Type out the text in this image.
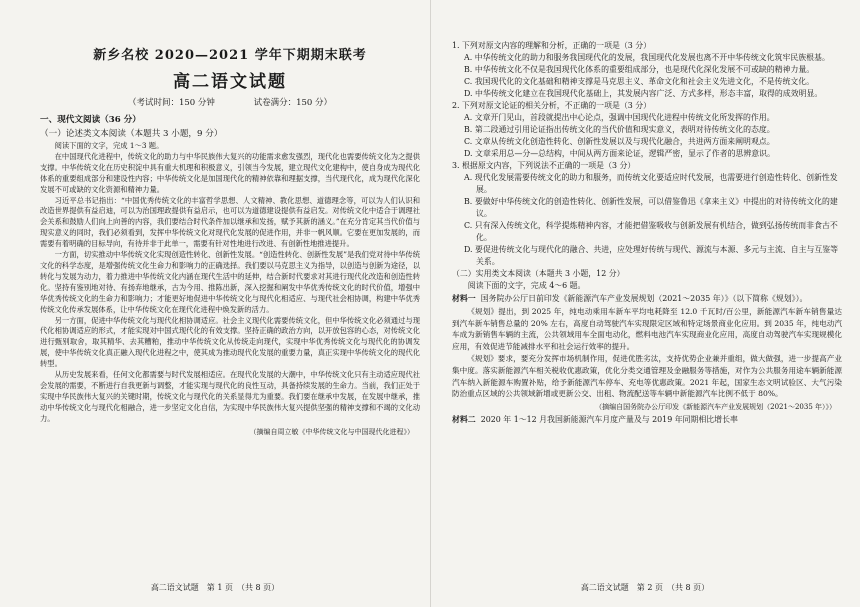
新乡名校 2020—2021 学年下期期末联考
高二语文试题
（考试时间：150 分钟	试卷满分：150 分）
一、现代文阅读（36 分）
（一）论述类文本阅读（本题共 3 小题，9 分）

阅读下面的文字，完成 1～3 题。

在中国现代化进程中，传统文化的助力与中华民族伟大复兴的功能需求愈发强烈，现代化也需要传统文化为之提供支撑。中华传统文化在历史积淀中具有重大机理和积极意义，引领当今发展，建立现代文化建构中，使自身成为现代化体系的重要组成部分和建设性内容；中华传统文化是加国现代化的精神依靠和理据支撑，当代现代化，成为现代化深化发展不可或缺的文化资源和精神力量。

习近平总书记指出：“中国优秀传统文化的丰富哲学思想、人文精神、教化思想、道德理念等，可以为人们认识和改造世界提供有益启迪，可以为治国理政提供有益启示，也可以为道德建设提供有益启发。对传统文化中适合于调理社会关系和鼓励人们向上向善的内容，我们要结合时代条件加以继承和发扬，赋予其新的涵义。”在充分肯定其当代价值与现实意义的同时，我们必须看到，发挥中华传统文化对现代化发展的促进作用，并非一帆风顺。它要在更加发展的，而需要有着明确的目标导向，有待并非于此单一，需要有针对性地进行改进、有创新性地推进提升。

一方面，切实推动中华传统文化实现创造性转化、创新性发展。“创造性转化、创新性发展”是我们党对待中华传统文化的科学态度，是增强传统文化生命力和影响力的正确选择。我们要以马克思主义为指导，以创造与创新为途径，以转化与发展为动力，着力推进中华传统文化内涵在现代生活中的延伸，结合新时代要求对其进行现代化改造和创造性转化。坚持有鉴别地对待、有扬弃地继承，古为今用、推陈出新，深入挖掘和阐发中华优秀传统文化的时代价值，增强中华优秀传统文化的生命力和影响力；才能更好地促进中华传统文化与现代化相适应、与现代社会相协调，构建中华优秀传统文化传承发展体系，让中华传统文化在现代化进程中焕发新的活力。

另一方面，促进中华传统文化与现代化相协调适应。社会主义现代化需要传统文化，但中华传统文化必须通过与现代化相协调适应的形式，才能实现对中国式现代化的有效支撑。坚持正确的政治方向，以开放包容的心态，对传统文化进行甄别取舍，取其精华、去其糟粕，推动中华传统文化从传统走向现代，实现中华优秀传统文化与现代化的协调发展，使中华传统文化真正融入现代化进程之中，使其成为推动现代化发展的重要力量，真正实现中华传统文化的现代化转型。

从历史发展来看，任何文化都需要与时代发展相适应。在现代化发展的大潮中，中华传统文化只有主动适应现代社会发展的需要，不断进行自我更新与调整，才能实现与现代化的良性互动，具备持续发展的生命力。当前，我们正处于实现中华民族伟大复兴的关键时期，传统文化与现代化的关系显得尤为重要。我们要在继承中发展，在发展中继承，推动中华传统文化与现代化相融合，进一步坚定文化自信，为实现中华民族伟大复兴提供坚强的精神支撑和不竭的文化动力。

（摘编自周立敏《中华传统文化与中国现代化进程》）
高二语文试题　第 1 页　（共 8 页）

1. 下列对原文内容的理解和分析，正确的一项是（3 分）

A. 中华传统文化的助力和服务我国现代化的发展，我国现代化发展也离不开中华传统文化筑牢民族根基。

B. 中华传统文化不仅是我国现代化体系的重要组成部分，也是现代化深化发展不可或缺的精神力量。

C. 我国现代化的文化基础和精神支撑是马克思主义、革命文化和社会主义先进文化，不是传统文化。

D. 中华传统文化建立在我国现代化基础上，其发展内容广泛、方式多样，形态丰富，取得的成效明显。

2. 下列对原文论证的相关分析，不正确的一项是（3 分）

A. 文章开门见山，首段就提出中心论点，强调中国现代化进程中传统文化所发挥的作用。

B. 第二段通过引用论证指出传统文化的当代价值和现实意义，表明对待传统文化的态度。

C. 文章从传统文化创造性转化、创新性发展以及与现代化融合，共进两方面来阐明观点。

D. 文章采用总—分—总结构，中间从两方面来论证，逻辑严密，显示了作者的思辨意识。

3. 根据原文内容，下列说法不正确的一项是（3 分）

A. 现代化发展需要传统文化的助力和服务，而传统文化要适应时代发展，也需要进行创造性转化、创新性发展。

B. 要做好中华传统文化的创造性转化、创新性发展，可以借鉴鲁迅《拿来主义》中提出的对待传统文化的建议。

C. 只有深入传统文化，科学提炼精神内容，才能把借鉴吸收与创新发展有机结合，做到弘扬传统而非食古不化。

D. 要促进传统文化与现代化的融合、共进，应处理好传统与现代、源流与本源、多元与主流、自主与互鉴等关系。

（二）实用类文本阅读（本题共 3 小题，12 分）

阅读下面的文字，完成 4～6 题。

材料一 国务院办公厅日前印发《新能源汽车产业发展规划（2021～2035 年）》（以下简称《规划》）。

《规划》提出，到 2025 年，纯电动乘用车新车平均电耗降至 12.0 千瓦时/百公里，新能源汽车新车销售量达到汽车新车销售总量的 20% 左右，高度自动驾驶汽车实现限定区域和特定场景商业化应用。到 2035 年，纯电动汽车成为新销售车辆的主流，公共领域用车全面电动化，燃料电池汽车实现商业化应用，高度自动驾驶汽车实现规模化应用，有效促进节能减排水平和社会运行效率的提升。

《规划》要求，要充分发挥市场机制作用，促进优胜劣汰，支持优势企业兼并重组，做大做强，进一步提高产业集中度。落实新能源汽车相关税收优惠政策，优化分类交通管理及金融服务等措施，对作为公共服务用途车辆新能源汽车纳入新能源车购置补贴，给予新能源汽车停车、充电等优惠政策。2021 年起，国家生态文明试验区、大气污染防治重点区域的公共领域新增或更新公交、出租、物流配送等车辆中新能源汽车比例不低于 80%。

（摘编自国务院办公厅印发《新能源汽车产业发展规划（2021～2035 年）》）

材料二 2020 年 1～12 月我国新能源汽车月度产量及与 2019 年同期相比增长率

高二语文试题　第 2 页　（共 8 页）
